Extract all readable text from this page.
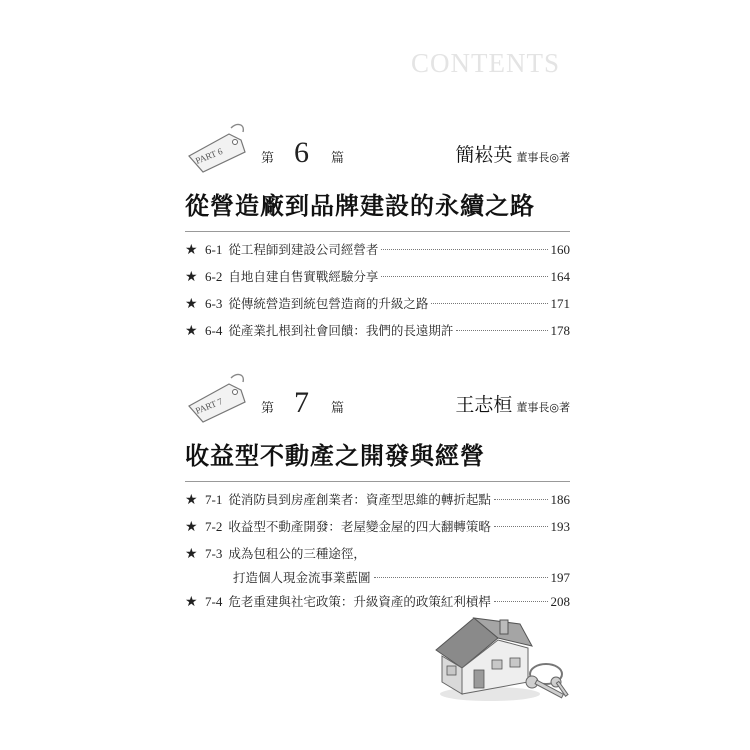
CONTENTS
PART 6	第 6 篇	簡崧英 董事長◎著
從營造廠到品牌建設的永續之路
★ 6-1 從工程師到建設公司經營者	160
★ 6-2 自地自建自售實戰經驗分享	164
★ 6-3 從傳統營造到統包營造商的升級之路	171
★ 6-4 從產業扎根到社會回饋：我們的長遠期許	178
PART 7	第 7 篇	王志桓 董事長◎著
收益型不動產之開發與經營
★ 7-1 從消防員到房產創業者：資產型思維的轉折起點	186
★ 7-2 收益型不動產開發：老屋變金屋的四大翻轉策略	193
★ 7-3 成為包租公的三種途徑，
打造個人現金流事業藍圖	197
★ 7-4 危老重建與社宅政策：升級資產的政策紅利槓桿	208
